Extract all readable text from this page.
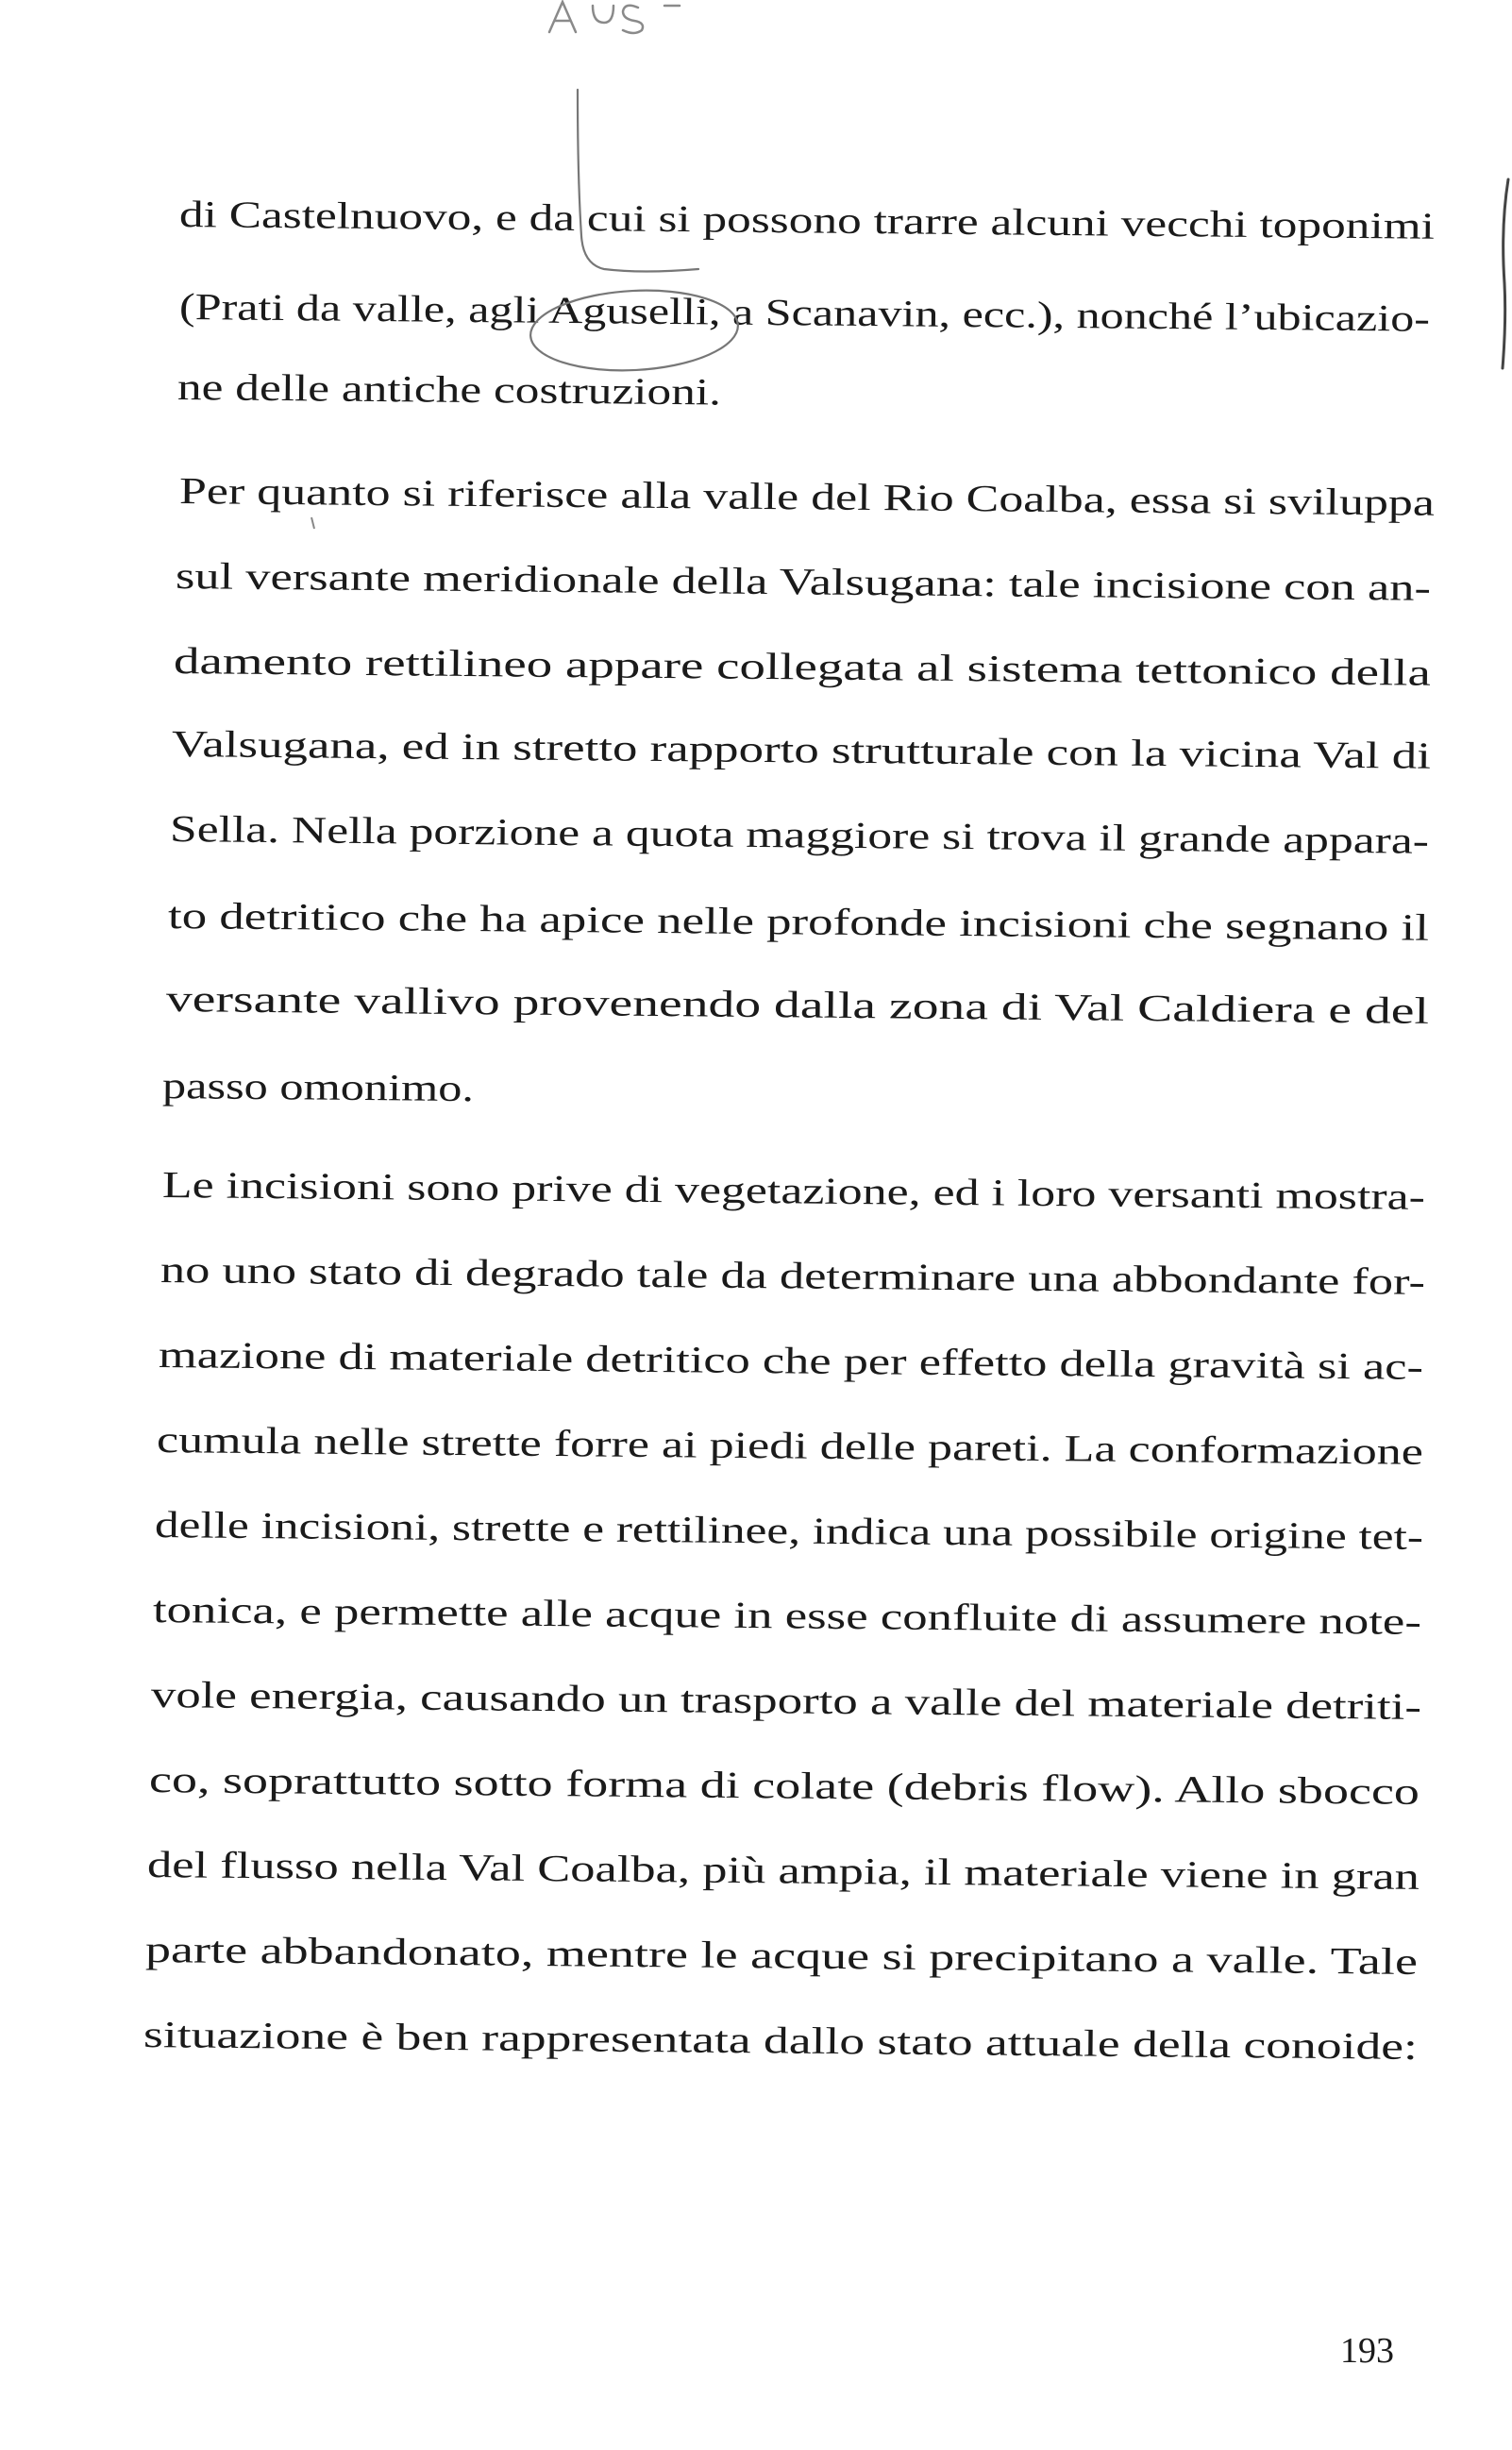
di Castelnuovo, e da cui si possono trarre alcuni vecchi toponimi
(Prati da valle, agli Aguselli, a Scanavin, ecc.), nonché l’ubicazio-
ne delle antiche costruzioni.
Per quanto si riferisce alla valle del Rio Coalba, essa si sviluppa
sul versante meridionale della Valsugana: tale incisione con an-
damento rettilineo appare collegata al sistema tettonico della
Valsugana, ed in stretto rapporto strutturale con la vicina Val di
Sella. Nella porzione a quota maggiore si trova il grande appara-
to detritico che ha apice nelle profonde incisioni che segnano il
versante vallivo provenendo dalla zona di Val Caldiera e del
passo omonimo.
Le incisioni sono prive di vegetazione, ed i loro versanti mostra-
no uno stato di degrado tale da determinare una abbondante for-
mazione di materiale detritico che per effetto della gravità si ac-
cumula nelle strette forre ai piedi delle pareti. La conformazione
delle incisioni, strette e rettilinee, indica una possibile origine tet-
tonica, e permette alle acque in esse confluite di assumere note-
vole energia, causando un trasporto a valle del materiale detriti-
co, soprattutto sotto forma di colate (debris flow). Allo sbocco
del flusso nella Val Coalba, più ampia, il materiale viene in gran
parte abbandonato, mentre le acque si precipitano a valle. Tale
situazione è ben rappresentata dallo stato attuale della conoide:
193
